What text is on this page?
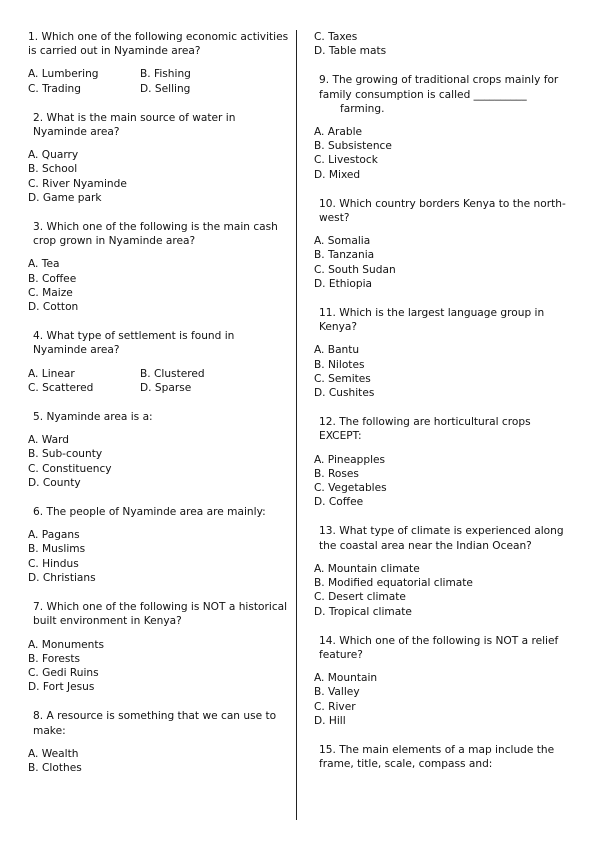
1. Which one of the following economic activities is carried out in Nyaminde area?
A. Lumbering	B. Fishing
C. Trading	D. Selling
2. What is the main source of water in Nyaminde area?
A. Quarry
B. School
C. River Nyaminde
D. Game park
3. Which one of the following is the main cash crop grown in Nyaminde area?
A. Tea
B. Coffee
C. Maize
D. Cotton
4. What type of settlement is found in Nyaminde area?
A. Linear	B. Clustered
C. Scattered	D. Sparse
5. Nyaminde area is a:
A. Ward
B. Sub-county
C. Constituency
D. County
6. The people of Nyaminde area are mainly:
A. Pagans
B. Muslims
C. Hindus
D. Christians
7. Which one of the following is NOT a historical built environment in Kenya?
A. Monuments
B. Forests
C. Gedi Ruins
D. Fort Jesus
8. A resource is something that we can use to make:
A. Wealth
B. Clothes
C. Taxes
D. Table mats
9. The growing of traditional crops mainly for family consumption is called __________
farming.
A. Arable
B. Subsistence
C. Livestock
D. Mixed
10. Which country borders Kenya to the north-west?
A. Somalia
B. Tanzania
C. South Sudan
D. Ethiopia
11. Which is the largest language group in Kenya?
A. Bantu
B. Nilotes
C. Semites
D. Cushites
12. The following are horticultural crops EXCEPT:
A. Pineapples
B. Roses
C. Vegetables
D. Coffee
13. What type of climate is experienced along the coastal area near the Indian Ocean?
A. Mountain climate
B. Modified equatorial climate
C. Desert climate
D. Tropical climate
14. Which one of the following is NOT a relief feature?
A. Mountain
B. Valley
C. River
D. Hill
15. The main elements of a map include the frame, title, scale, compass and:
